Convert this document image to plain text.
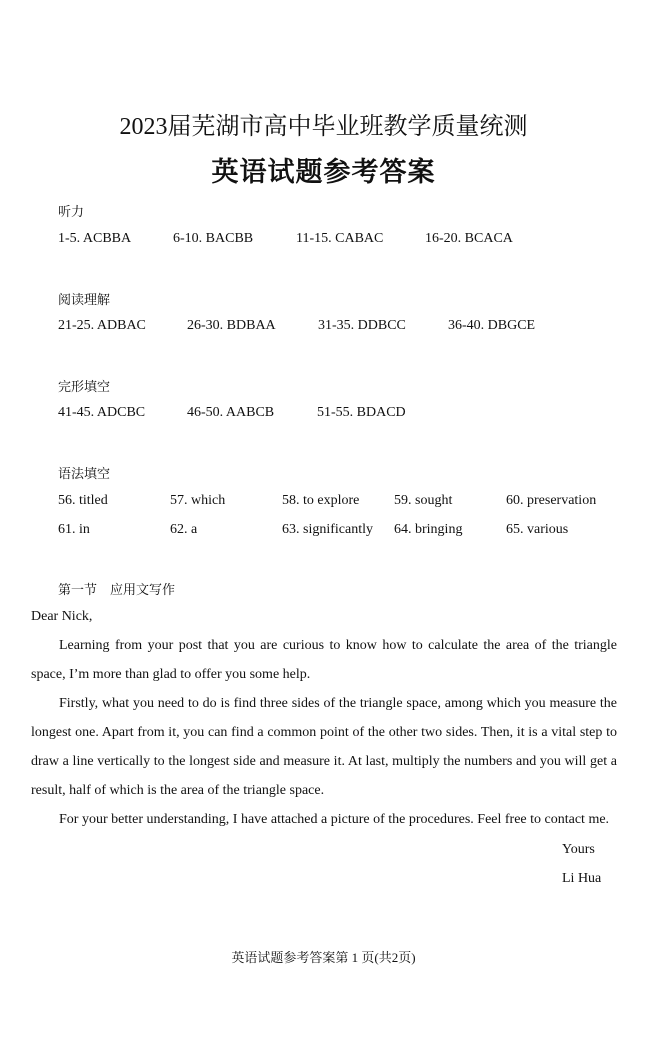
2023届芜湖市高中毕业班教学质量统测
英语试题参考答案
听力
1-5. ACBBA	6-10. BACBB	11-15. CABAC	16-20. BCACA
阅读理解
21-25. ADBAC	26-30. BDBAA	31-35. DDBCC	36-40. DBGCE
完形填空
41-45. ADCBC	46-50. AABCB	51-55. BDACD
语法填空
56. titled	57. which	58. to explore 59. sought	60. preservation
61. in	62. a	63. significantly 64. bringing	65. various
第一节　应用文写作
Dear Nick,
Learning from your post that you are curious to know how to calculate the area of the triangle space, I’m more than glad to offer you some help.
Firstly, what you need to do is find three sides of the triangle space, among which you measure the longest one. Apart from it, you can find a common point of the other two sides. Then, it is a vital step to draw a line vertically to the longest side and measure it. At last, multiply the numbers and you will get a result, half of which is the area of the triangle space.
For your better understanding, I have attached a picture of the procedures. Feel free to contact me.
Yours
Li Hua
英语试题参考答案第 1 页(共2页)
